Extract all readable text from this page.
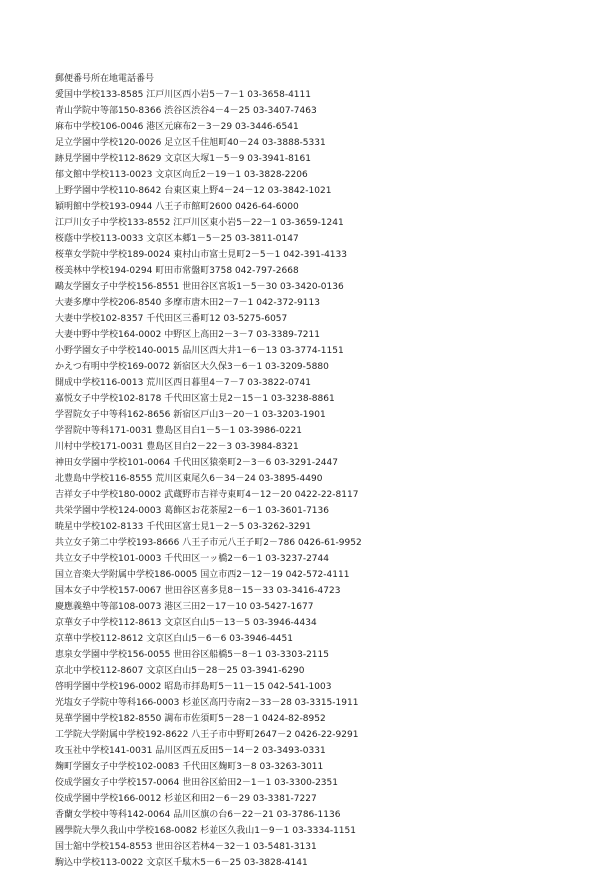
郵便番号所在地電話番号
愛国中学校133-8585 江戸川区西小岩5－7－1 03-3658-4111
青山学院中等部150-8366 渋谷区渋谷4－4－25 03-3407-7463
麻布中学校106-0046 港区元麻布2－3－29 03-3446-6541
足立学園中学校120-0026 足立区千住旭町40－24 03-3888-5331
跡見学園中学校112-8629 文京区大塚1－5－9 03-3941-8161
郁文館中学校113-0023 文京区向丘2－19－1 03-3828-2206
上野学園中学校110-8642 台東区東上野4－24－12 03-3842-1021
穎明館中学校193-0944 八王子市館町2600 0426-64-6000
江戸川女子中学校133-8552 江戸川区東小岩5－22－1 03-3659-1241
桜蔭中学校113-0033 文京区本郷1－5－25 03-3811-0147
桜華女学院中学校189-0024 東村山市富士見町2－5－1 042-391-4133
桜美林中学校194-0294 町田市常盤町3758 042-797-2668
鷗友学園女子中学校156-8551 世田谷区宮坂1－5－30 03-3420-0136
大妻多摩中学校206-8540 多摩市唐木田2－7－1 042-372-9113
大妻中学校102-8357 千代田区三番町12 03-5275-6057
大妻中野中学校164-0002 中野区上高田2－3－7 03-3389-7211
小野学園女子中学校140-0015 品川区西大井1－6－13 03-3774-1151
かえつ有明中学校169-0072 新宿区大久保3－6－1 03-3209-5880
開成中学校116-0013 荒川区西日暮里4－7－7 03-3822-0741
嘉悦女子中学校102-8178 千代田区富士見2－15－1 03-3238-8861
学習院女子中等科162-8656 新宿区戸山3－20－1 03-3203-1901
学習院中等科171-0031 豊島区目白1－5－1 03-3986-0221
川村中学校171-0031 豊島区目白2－22－3 03-3984-8321
神田女学園中学校101-0064 千代田区猿楽町2－3－6 03-3291-2447
北豊島中学校116-8555 荒川区東尾久6－34－24 03-3895-4490
吉祥女子中学校180-0002 武蔵野市吉祥寺東町4－12－20 0422-22-8117
共栄学園中学校124-0003 葛飾区お花茶屋2－6－1 03-3601-7136
暁星中学校102-8133 千代田区富士見1－2－5 03-3262-3291
共立女子第二中学校193-8666 八王子市元八王子町2－786 0426-61-9952
共立女子中学校101-0003 千代田区一ッ橋2－6－1 03-3237-2744
国立音楽大学附属中学校186-0005 国立市西2－12－19 042-572-4111
国本女子中学校157-0067 世田谷区喜多見8－15－33 03-3416-4723
慶應義塾中等部108-0073 港区三田2－17－10 03-5427-1677
京華女子中学校112-8613 文京区白山5－13－5 03-3946-4434
京華中学校112-8612 文京区白山5－6－6 03-3946-4451
恵泉女学園中学校156-0055 世田谷区船橋5－8－1 03-3303-2115
京北中学校112-8607 文京区白山5－28－25 03-3941-6290
啓明学園中学校196-0002 昭島市拝島町5－11－15 042-541-1003
光塩女子学院中等科166-0003 杉並区高円寺南2－33－28 03-3315-1911
晃華学園中学校182-8550 調布市佐須町5－28－1 0424-82-8952
工学院大学附属中学校192-8622 八王子市中野町2647－2 0426-22-9291
攻玉社中学校141-0031 品川区西五反田5－14－2 03-3493-0331
麹町学園女子中学校102-0083 千代田区麹町3－8 03-3263-3011
佼成学園女子中学校157-0064 世田谷区給田2－1－1 03-3300-2351
佼成学園中学校166-0012 杉並区和田2－6－29 03-3381-7227
香蘭女学校中等科142-0064 品川区旗の台6－22－21 03-3786-1136
國學院大學久我山中学校168-0082 杉並区久我山1－9－1 03-3334-1151
国士舘中学校154-8553 世田谷区若林4－32－1 03-5481-3131
駒込中学校113-0022 文京区千駄木5－6－25 03-3828-4141
